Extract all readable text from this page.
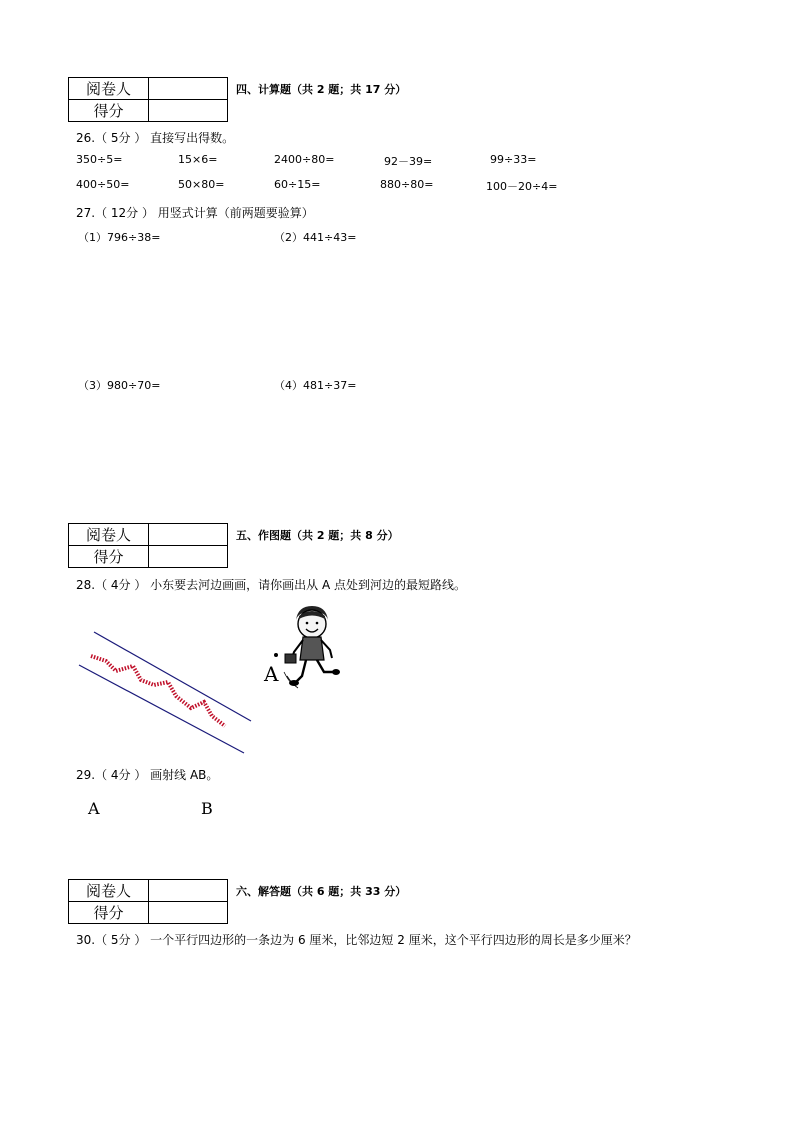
阅卷人	
得分	
四、计算题（共 2 题；共 17 分）
26.（ 5分 ） 直接写出得数。
350÷5=	15×6=	2400÷80=	92－39=	99÷33=
400÷50=	50×80=	60÷15=	880÷80=	100－20÷4=
27.（ 12分 ） 用竖式计算（前两题要验算）
（1）796÷38=	（2）441÷43=
（3）980÷70=	（4）481÷37=
阅卷人	
得分	
五、作图题（共 2 题；共 8 分）
28.（ 4分 ） 小东要去河边画画，请你画出从 A 点处到河边的最短路线。
A
29.（ 4分 ） 画射线 AB。
A	B
阅卷人	
得分	
六、解答题（共 6 题；共 33 分）
30.（ 5分 ） 一个平行四边形的一条边为 6 厘米，比邻边短 2 厘米，这个平行四边形的周长是多少厘米？
